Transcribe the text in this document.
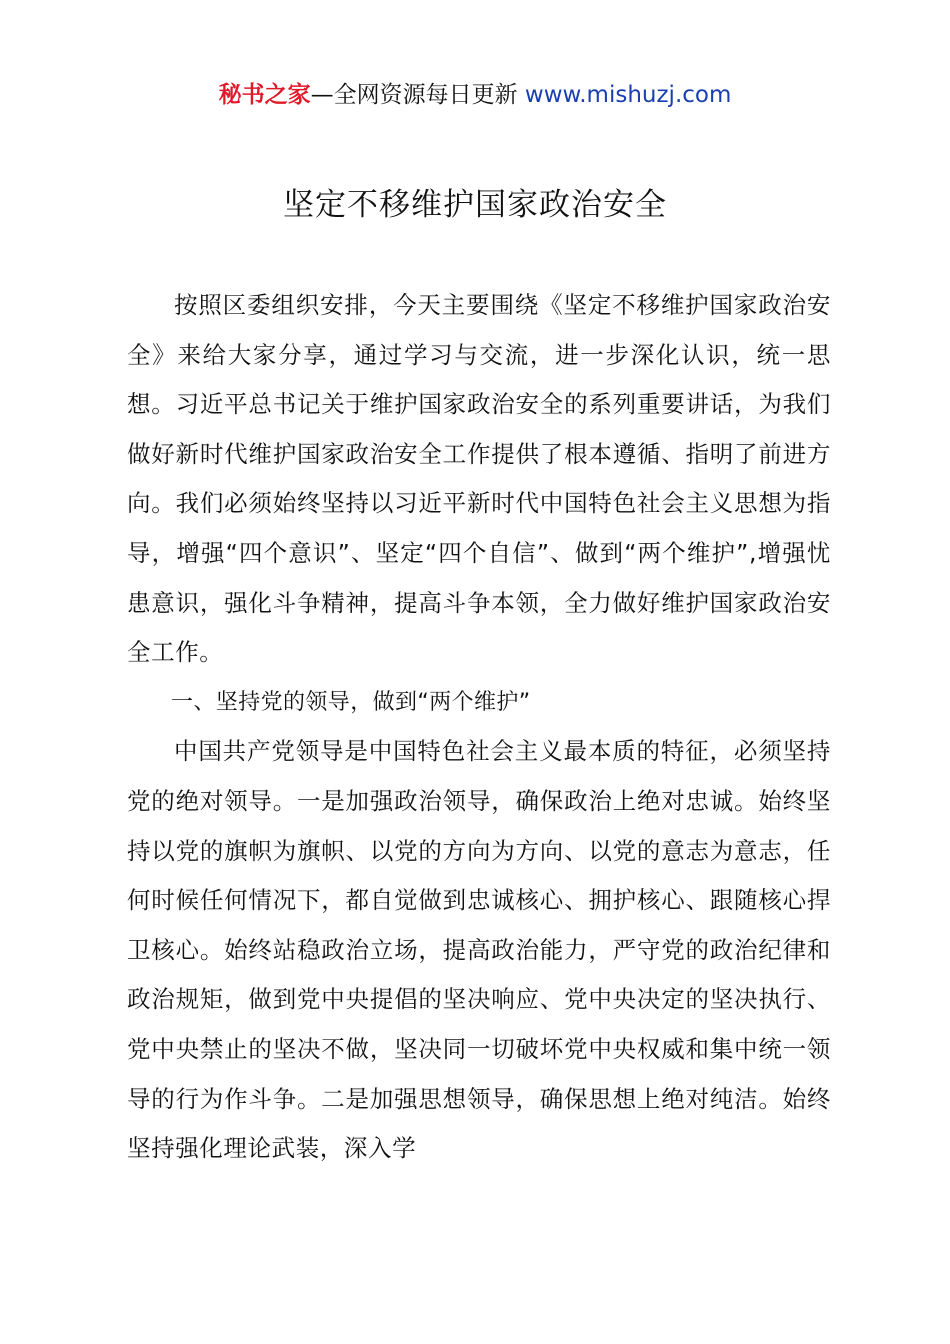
秘书之家—全网资源每日更新 www.mishuzj.com
坚定不移维护国家政治安全

按照区委组织安排，今天主要围绕《坚定不移维护国家政治安全》来给大家分享，通过学习与交流，进一步深化认识，统一思想。习近平总书记关于维护国家政治安全的系列重要讲话，为我们做好新时代维护国家政治安全工作提供了根本遵循、指明了前进方向。我们必须始终坚持以习近平新时代中国特色社会主义思想为指导，增强“四个意识”、坚定“四个自信”、做到“两个维护”,增强忧患意识，强化斗争精神，提高斗争本领，全力做好维护国家政治安全工作。

一、坚持党的领导，做到“两个维护”

中国共产党领导是中国特色社会主义最本质的特征，必须坚持党的绝对领导。一是加强政治领导，确保政治上绝对忠诚。始终坚持以党的旗帜为旗帜、以党的方向为方向、以党的意志为意志，任何时候任何情况下，都自觉做到忠诚核心、拥护核心、跟随核心捍卫核心。始终站稳政治立场，提高政治能力，严守党的政治纪律和政治规矩，做到党中央提倡的坚决响应、党中央决定的坚决执行、党中央禁止的坚决不做，坚决同一切破坏党中央权威和集中统一领导的行为作斗争。二是加强思想领导，确保思想上绝对纯洁。始终坚持强化理论武装，深入学
